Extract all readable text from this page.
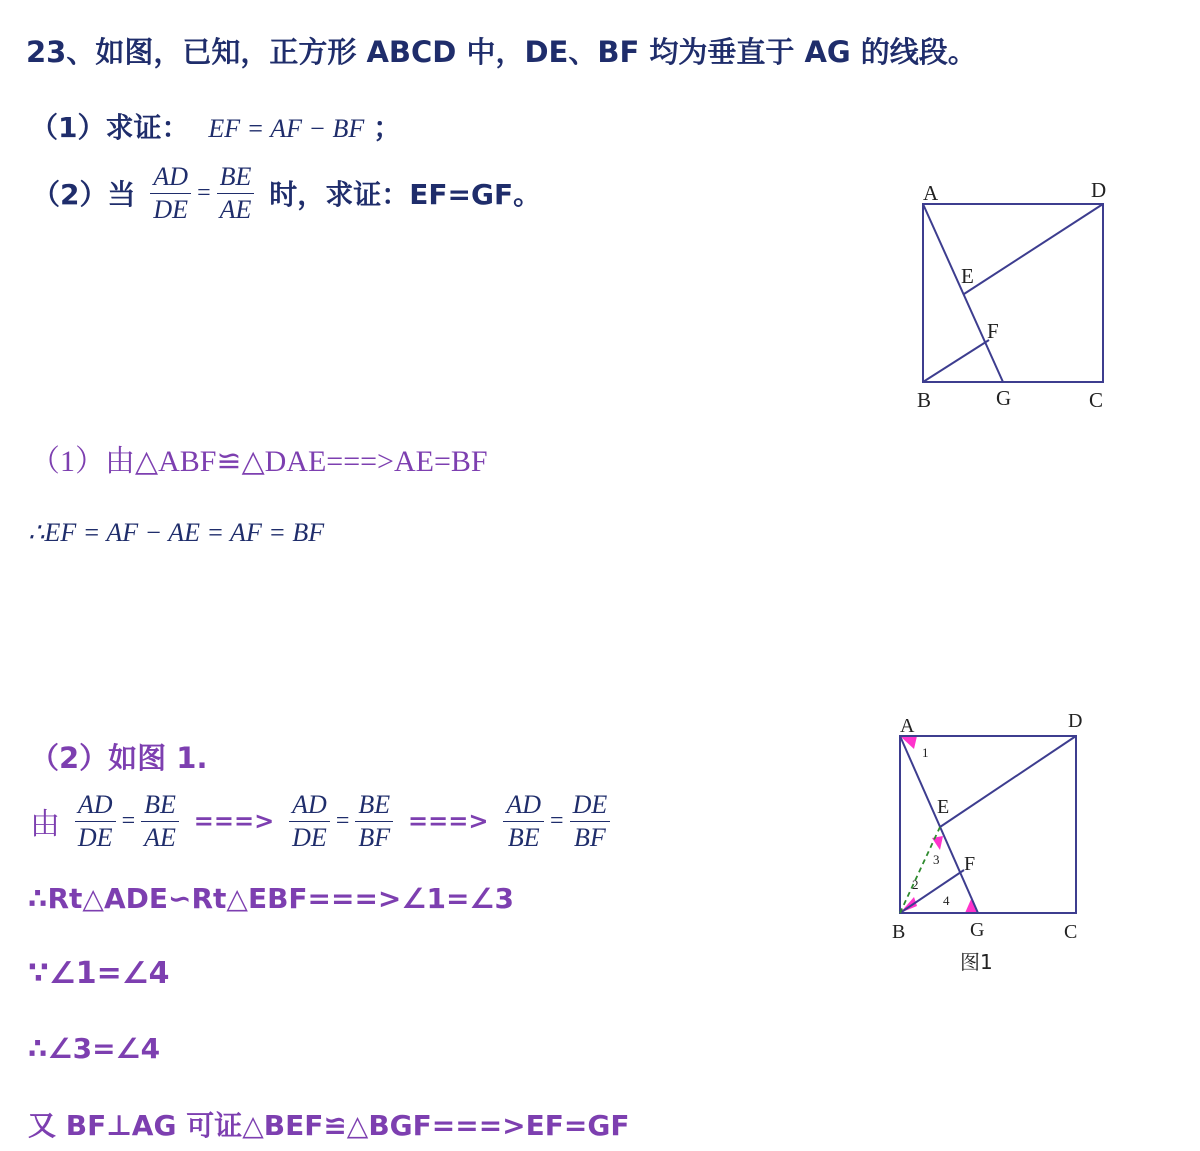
23、如图，已知，正方形 ABCD 中，DE、BF 均为垂直于 AG 的线段。
（1）求证： EF = AF − BF ；
（2）当 $\frac{AD}{DE} = \frac{BE}{AE}$ 时，求证：EF=GF。	A	D
E
F
B	G	C
（1）由△ABF≌△DAE===>AE=BF
∴EF = AF − AE = AF = BF
（2）如图 1.
由 $\frac{AD}{DE} = \frac{BE}{AE}$ ===> $\frac{AD}{DE} = \frac{BE}{BF}$ ===> $\frac{AD}{BE} = \frac{DE}{BF}$
∴Rt△ADE∽Rt△EBF===>∠1=∠3
∵∠1=∠4
∴∠3=∠4
又 BF⊥AG 可证△BEF≌△BGF===>EF=GF
A	D
E
F
B	G	C
1
2
3
4
图1
